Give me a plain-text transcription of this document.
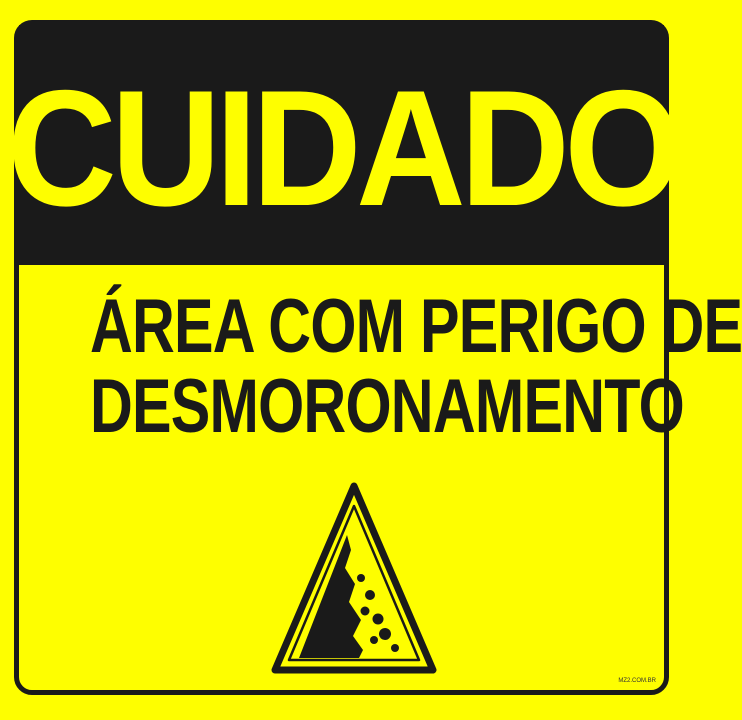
CUIDADO
ÁREA COM PERIGO DE
DESMORONAMENTO
MZ2.COM.BR
